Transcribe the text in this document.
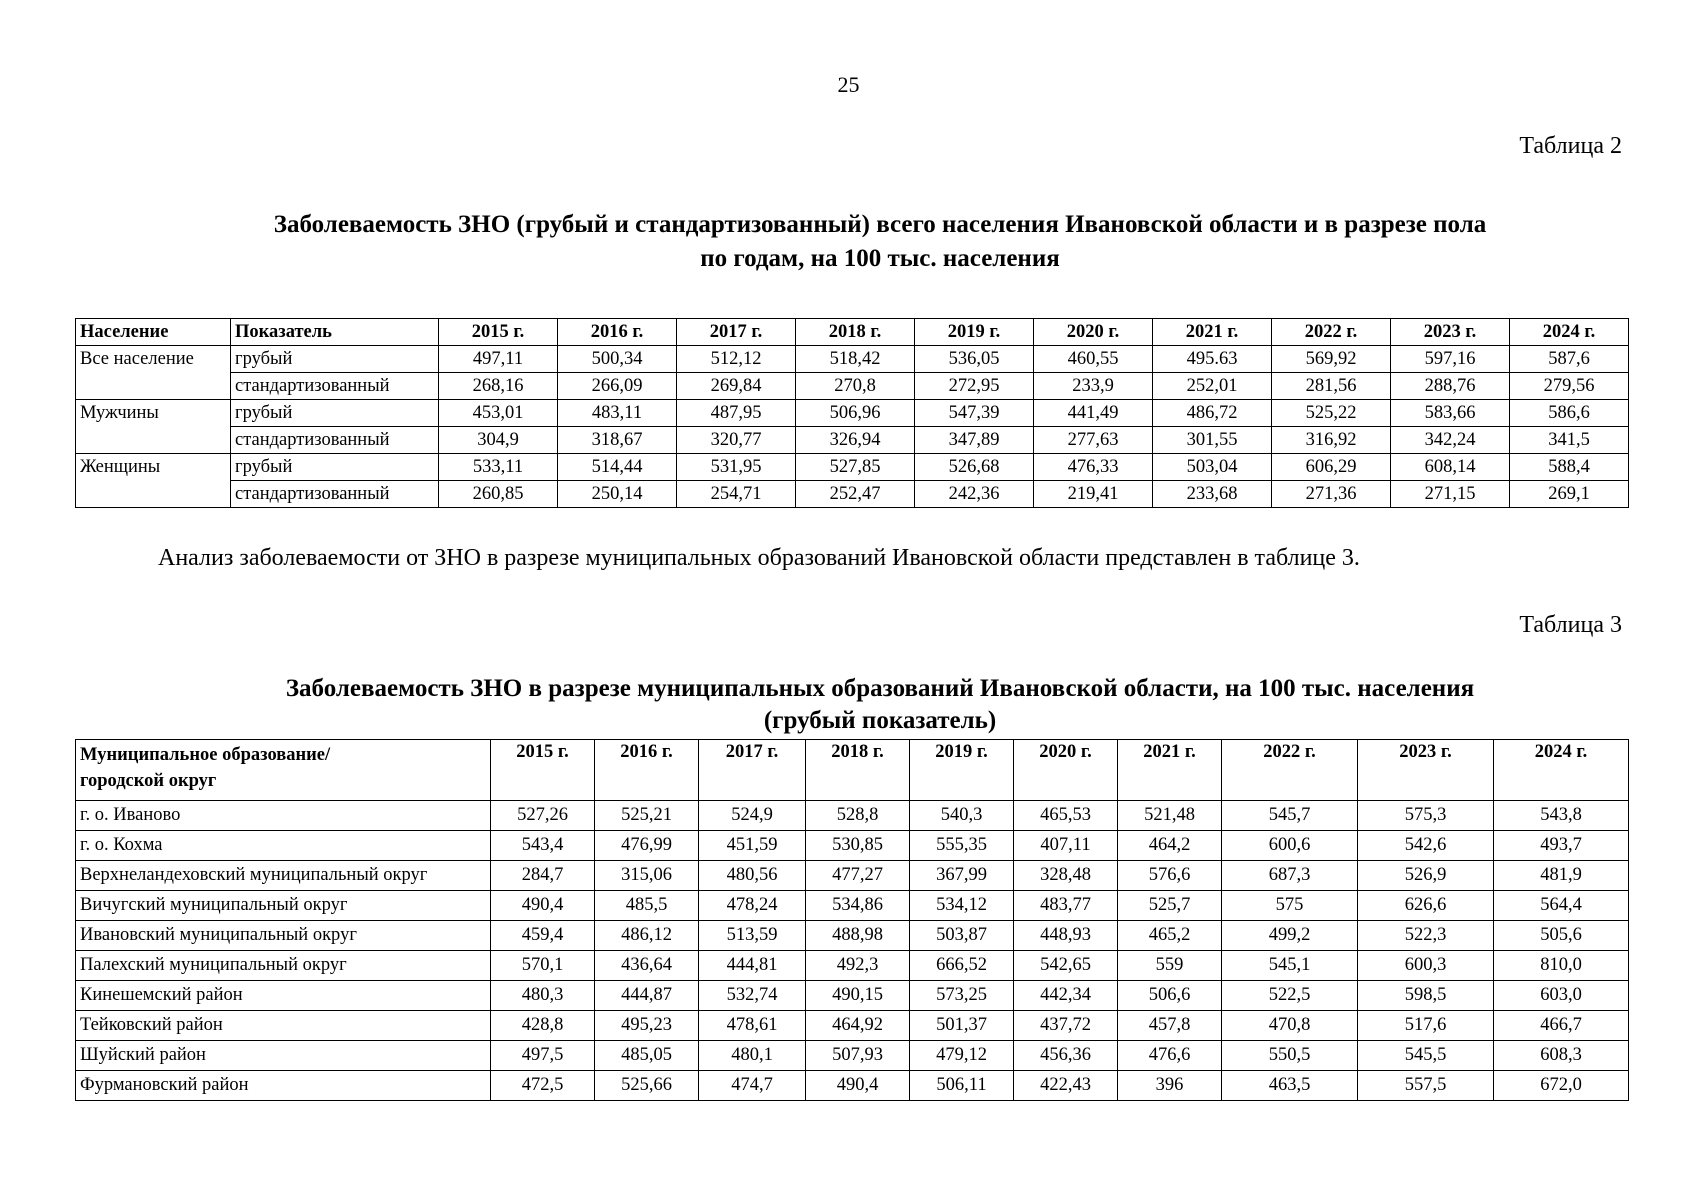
25
Таблица 2
Заболеваемость ЗНО (грубый и стандартизованный) всего населения Ивановской области и в разрезе пола
по годам, на 100 тыс. населения
Население	Показатель	2015 г.	2016 г.	2017 г.	2018 г.	2019 г.	2020 г.	2021 г.	2022 г.	2023 г.	2024 г.
Все население	грубый	497,11	500,34	512,12	518,42	536,05	460,55	495.63	569,92	597,16	587,6
	стандартизованный	268,16	266,09	269,84	270,8	272,95	233,9	252,01	281,56	288,76	279,56
Мужчины	грубый	453,01	483,11	487,95	506,96	547,39	441,49	486,72	525,22	583,66	586,6
	стандартизованный	304,9	318,67	320,77	326,94	347,89	277,63	301,55	316,92	342,24	341,5
Женщины	грубый	533,11	514,44	531,95	527,85	526,68	476,33	503,04	606,29	608,14	588,4
	стандартизованный	260,85	250,14	254,71	252,47	242,36	219,41	233,68	271,36	271,15	269,1
Анализ заболеваемости от ЗНО в разрезе муниципальных образований Ивановской области представлен в таблице 3.
Таблица 3
Заболеваемость ЗНО в разрезе муниципальных образований Ивановской области, на 100 тыс. населения
(грубый показатель)
Муниципальное образование/
городской округ	2015 г.	2016 г.	2017 г.	2018 г.	2019 г.	2020 г.	2021 г.	2022 г.	2023 г.	2024 г.
г. о. Иваново	527,26	525,21	524,9	528,8	540,3	465,53	521,48	545,7	575,3	543,8
г. о. Кохма	543,4	476,99	451,59	530,85	555,35	407,11	464,2	600,6	542,6	493,7
Верхнеландеховский муниципальный округ	284,7	315,06	480,56	477,27	367,99	328,48	576,6	687,3	526,9	481,9
Вичугский муниципальный округ	490,4	485,5	478,24	534,86	534,12	483,77	525,7	575	626,6	564,4
Ивановский муниципальный округ	459,4	486,12	513,59	488,98	503,87	448,93	465,2	499,2	522,3	505,6
Палехский муниципальный округ	570,1	436,64	444,81	492,3	666,52	542,65	559	545,1	600,3	810,0
Кинешемский район	480,3	444,87	532,74	490,15	573,25	442,34	506,6	522,5	598,5	603,0
Тейковский район	428,8	495,23	478,61	464,92	501,37	437,72	457,8	470,8	517,6	466,7
Шуйский район	497,5	485,05	480,1	507,93	479,12	456,36	476,6	550,5	545,5	608,3
Фурмановский район	472,5	525,66	474,7	490,4	506,11	422,43	396	463,5	557,5	672,0
